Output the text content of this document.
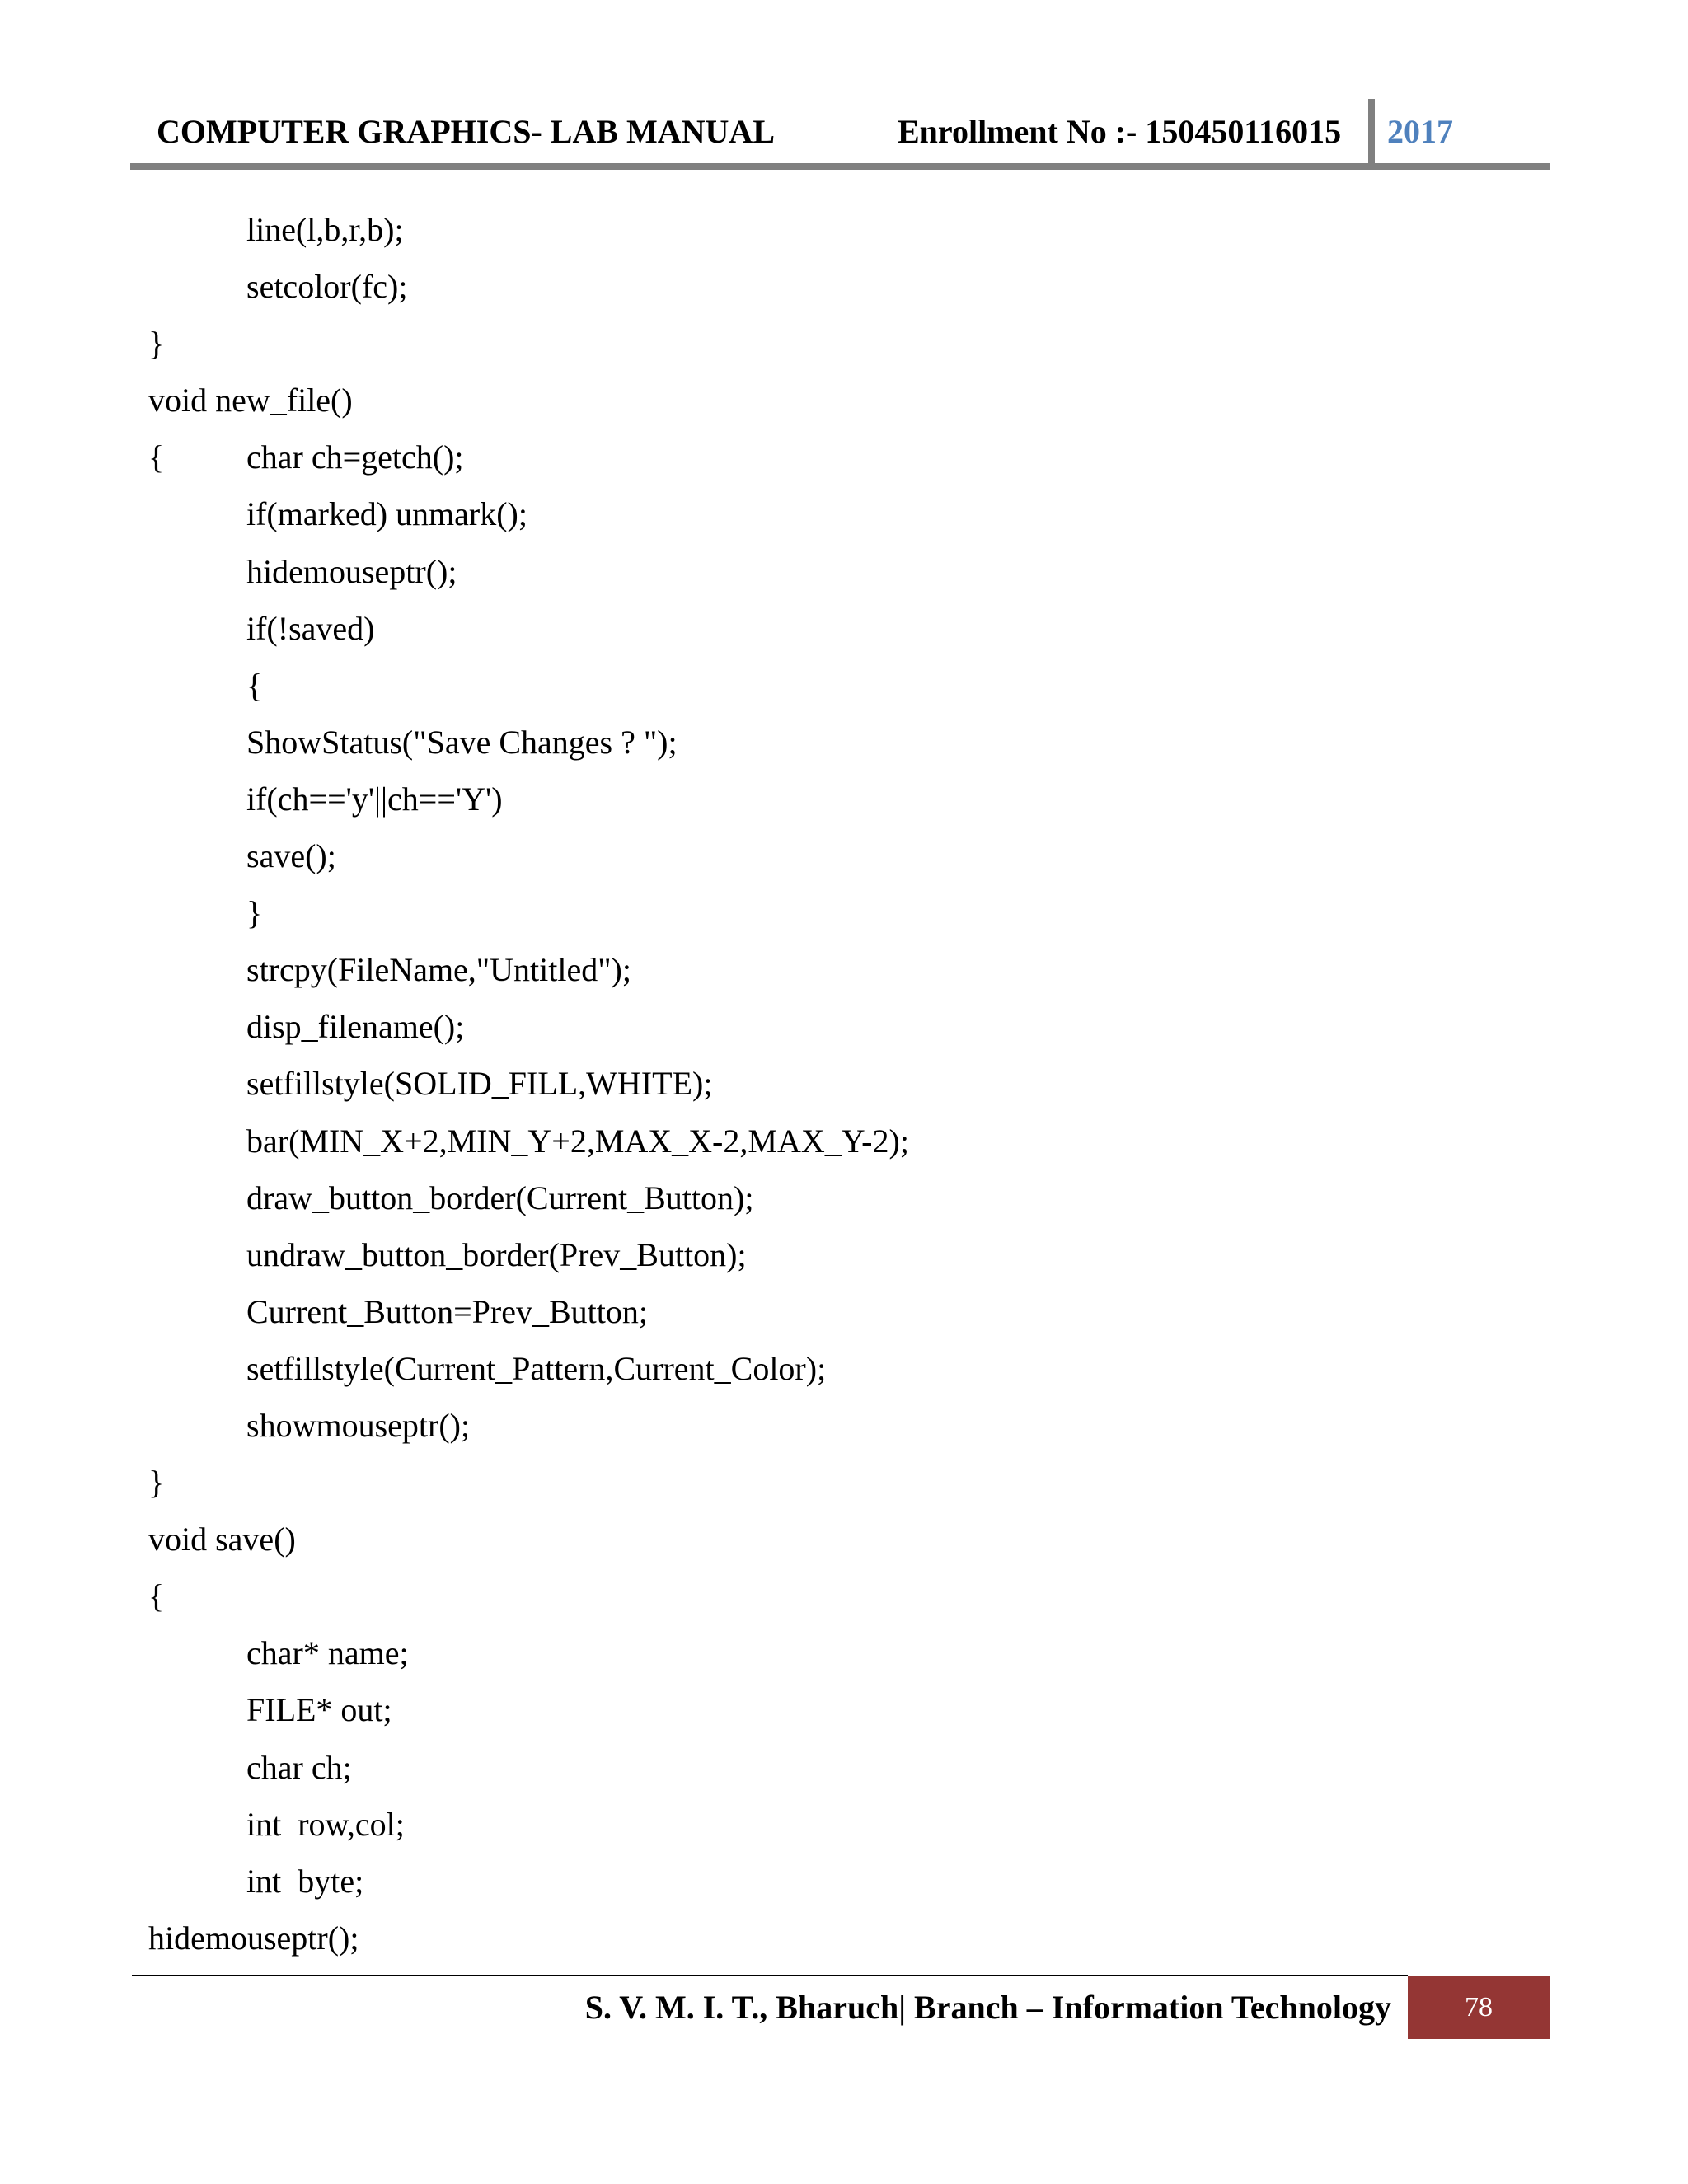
COMPUTER GRAPHICS- LAB MANUAL	Enrollment No :- 150450116015 2017
line(l,b,r,b);
setcolor(fc);
}
void new_file()
{ char ch=getch();
if(marked) unmark();
hidemouseptr();
if(!saved)
{
ShowStatus("Save Changes ? ");
if(ch=='y'||ch=='Y')
save();
}
strcpy(FileName,"Untitled");
disp_filename();
setfillstyle(SOLID_FILL,WHITE);
bar(MIN_X+2,MIN_Y+2,MAX_X-2,MAX_Y-2);
draw_button_border(Current_Button);
undraw_button_border(Prev_Button);
Current_Button=Prev_Button;
setfillstyle(Current_Pattern,Current_Color);
showmouseptr();
}
void save()
{
char* name;
FILE* out;
char ch;
int  row,col;
int  byte;
hidemouseptr();
S. V. M. I. T., Bharuch| Branch – Information Technology	78
